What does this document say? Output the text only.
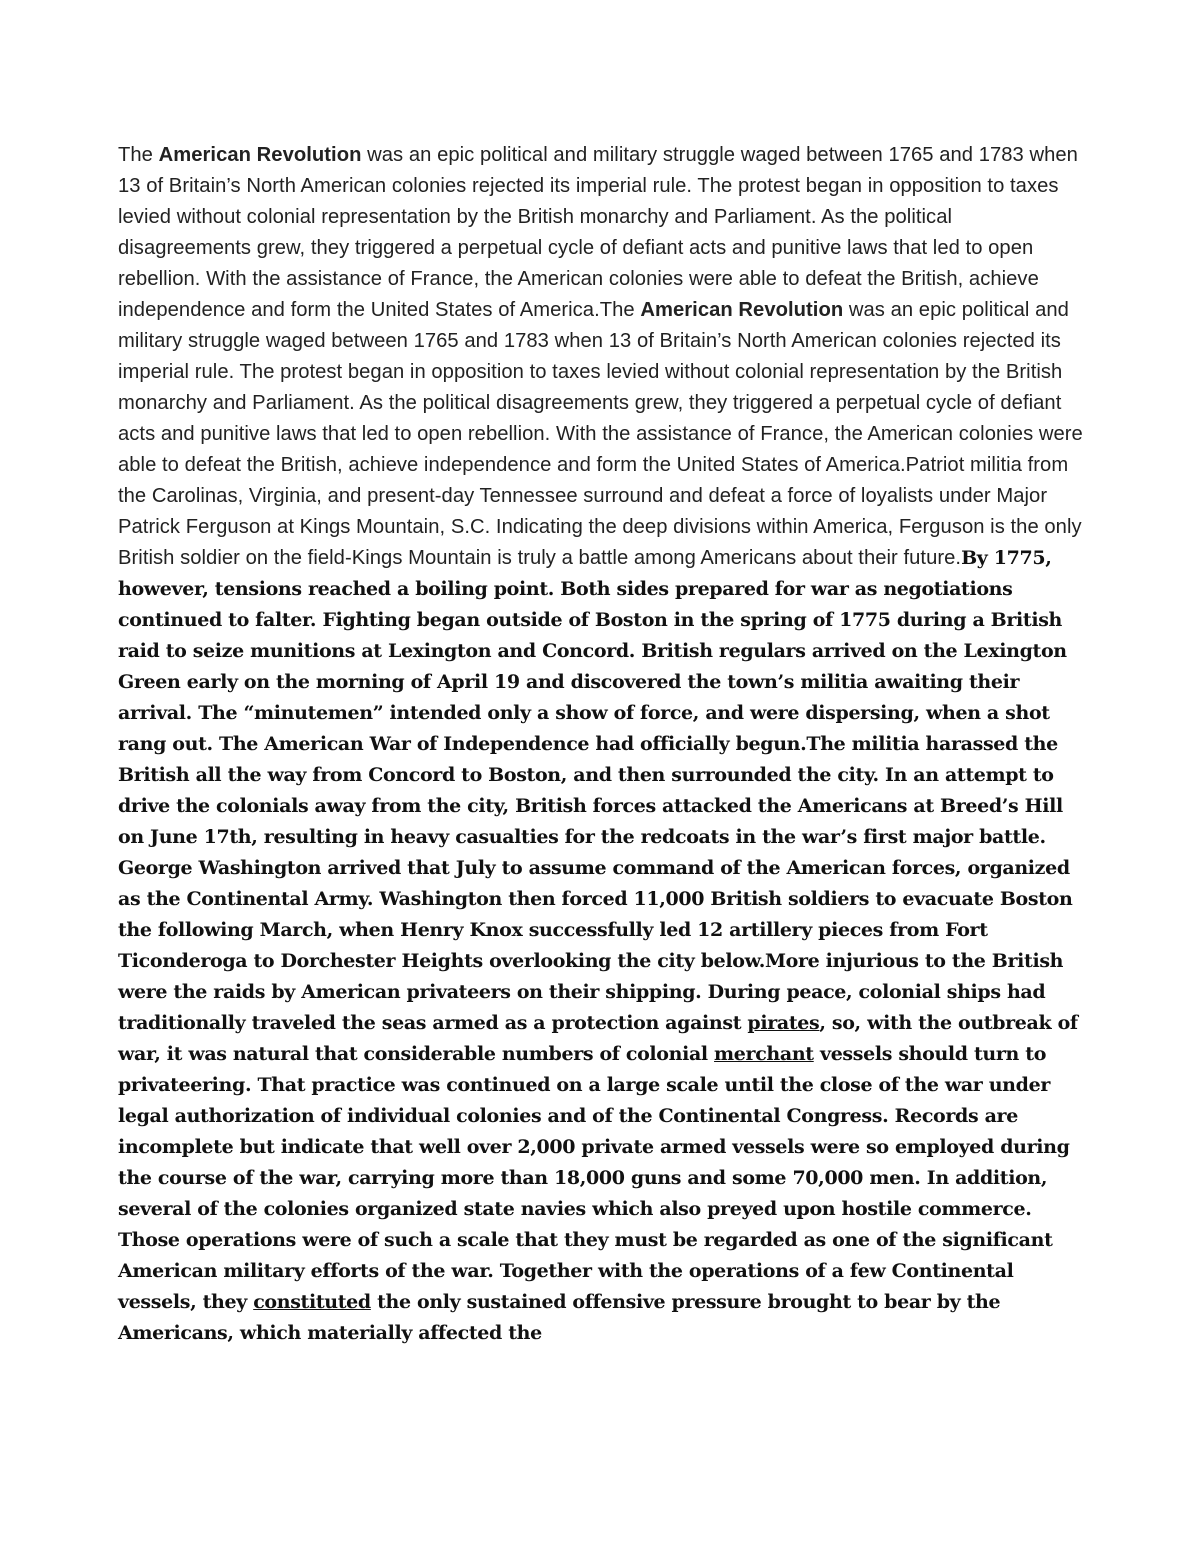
The American Revolution was an epic political and military struggle waged between 1765 and 1783 when 13 of Britain’s North American colonies rejected its imperial rule. The protest began in opposition to taxes levied without colonial representation by the British monarchy and Parliament. As the political disagreements grew, they triggered a perpetual cycle of defiant acts and punitive laws that led to open rebellion. With the assistance of France, the American colonies were able to defeat the British, achieve independence and form the United States of America.The American Revolution was an epic political and military struggle waged between 1765 and 1783 when 13 of Britain’s North American colonies rejected its imperial rule. The protest began in opposition to taxes levied without colonial representation by the British monarchy and Parliament. As the political disagreements grew, they triggered a perpetual cycle of defiant acts and punitive laws that led to open rebellion. With the assistance of France, the American colonies were able to defeat the British, achieve independence and form the United States of America.Patriot militia from the Carolinas, Virginia, and present-day Tennessee surround and defeat a force of loyalists under Major Patrick Ferguson at Kings Mountain, S.C. Indicating the deep divisions within America, Ferguson is the only British soldier on the field-Kings Mountain is truly a battle among Americans about their future.By 1775, however, tensions reached a boiling point. Both sides prepared for war as negotiations continued to falter. Fighting began outside of Boston in the spring of 1775 during a British raid to seize munitions at Lexington and Concord. British regulars arrived on the Lexington Green early on the morning of April 19 and discovered the town’s militia awaiting their arrival. The “minutemen” intended only a show of force, and were dispersing, when a shot rang out. The American War of Independence had officially begun.The militia harassed the British all the way from Concord to Boston, and then surrounded the city. In an attempt to drive the colonials away from the city, British forces attacked the Americans at Breed’s Hill on June 17th, resulting in heavy casualties for the redcoats in the war’s first major battle. George Washington arrived that July to assume command of the American forces, organized as the Continental Army. Washington then forced 11,000 British soldiers to evacuate Boston the following March, when Henry Knox successfully led 12 artillery pieces from Fort Ticonderoga to Dorchester Heights overlooking the city below.More injurious to the British were the raids by American privateers on their shipping. During peace, colonial ships had traditionally traveled the seas armed as a protection against pirates, so, with the outbreak of war, it was natural that considerable numbers of colonial merchant vessels should turn to privateering. That practice was continued on a large scale until the close of the war under legal authorization of individual colonies and of the Continental Congress. Records are incomplete but indicate that well over 2,000 private armed vessels were so employed during the course of the war, carrying more than 18,000 guns and some 70,000 men. In addition, several of the colonies organized state navies which also preyed upon hostile commerce. Those operations were of such a scale that they must be regarded as one of the significant American military efforts of the war. Together with the operations of a few Continental vessels, they constituted the only sustained offensive pressure brought to bear by the Americans, which materially affected the
